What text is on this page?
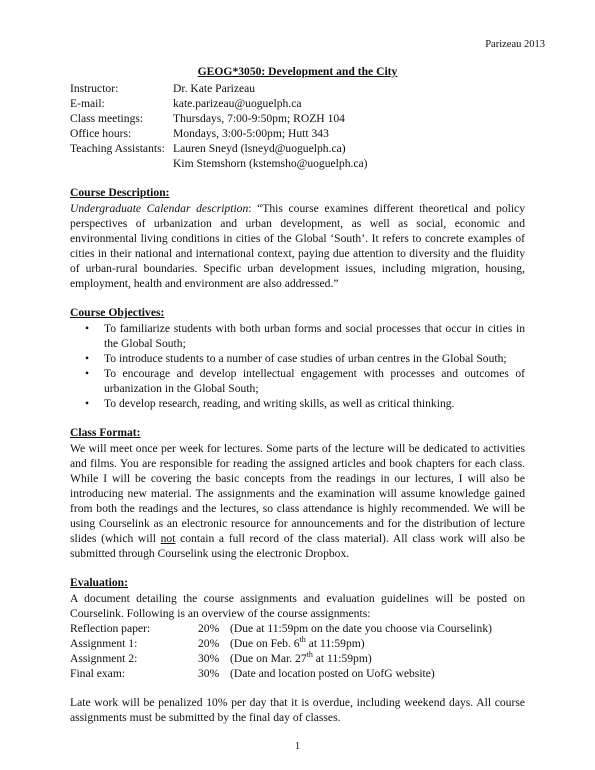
Parizeau 2013
GEOG*3050: Development and the City
Instructor:	Dr. Kate Parizeau
E-mail:	kate.parizeau@uoguelph.ca
Class meetings:	Thursdays, 7:00-9:50pm; ROZH 104
Office hours:	Mondays, 3:00-5:00pm; Hutt 343
Teaching Assistants: Lauren Sneyd (lsneyd@uoguelph.ca)
Kim Stemshorn (kstemsho@uoguelph.ca)
Course Description:
Undergraduate Calendar description: “This course examines different theoretical and policy perspectives of urbanization and urban development, as well as social, economic and environmental living conditions in cities of the Global ‘South’. It refers to concrete examples of cities in their national and international context, paying due attention to diversity and the fluidity of urban-rural boundaries. Specific urban development issues, including migration, housing, employment, health and environment are also addressed.”
Course Objectives:
• To familiarize students with both urban forms and social processes that occur in cities in the Global South;
• To introduce students to a number of case studies of urban centres in the Global South;
• To encourage and develop intellectual engagement with processes and outcomes of urbanization in the Global South;
• To develop research, reading, and writing skills, as well as critical thinking.
Class Format:
We will meet once per week for lectures. Some parts of the lecture will be dedicated to activities and films. You are responsible for reading the assigned articles and book chapters for each class. While I will be covering the basic concepts from the readings in our lectures, I will also be introducing new material. The assignments and the examination will assume knowledge gained from both the readings and the lectures, so class attendance is highly recommended. We will be using Courselink as an electronic resource for announcements and for the distribution of lecture slides (which will not contain a full record of the class material). All class work will also be submitted through Courselink using the electronic Dropbox.
Evaluation:
A document detailing the course assignments and evaluation guidelines will be posted on Courselink. Following is an overview of the course assignments:
Reflection paper:	20% (Due at 11:59pm on the date you choose via Courselink)
Assignment 1:	20% (Due on Feb. 6th at 11:59pm)
Assignment 2:	30% (Due on Mar. 27th at 11:59pm)
Final exam:	30% (Date and location posted on UofG website)
Late work will be penalized 10% per day that it is overdue, including weekend days. All course assignments must be submitted by the final day of classes.
1
